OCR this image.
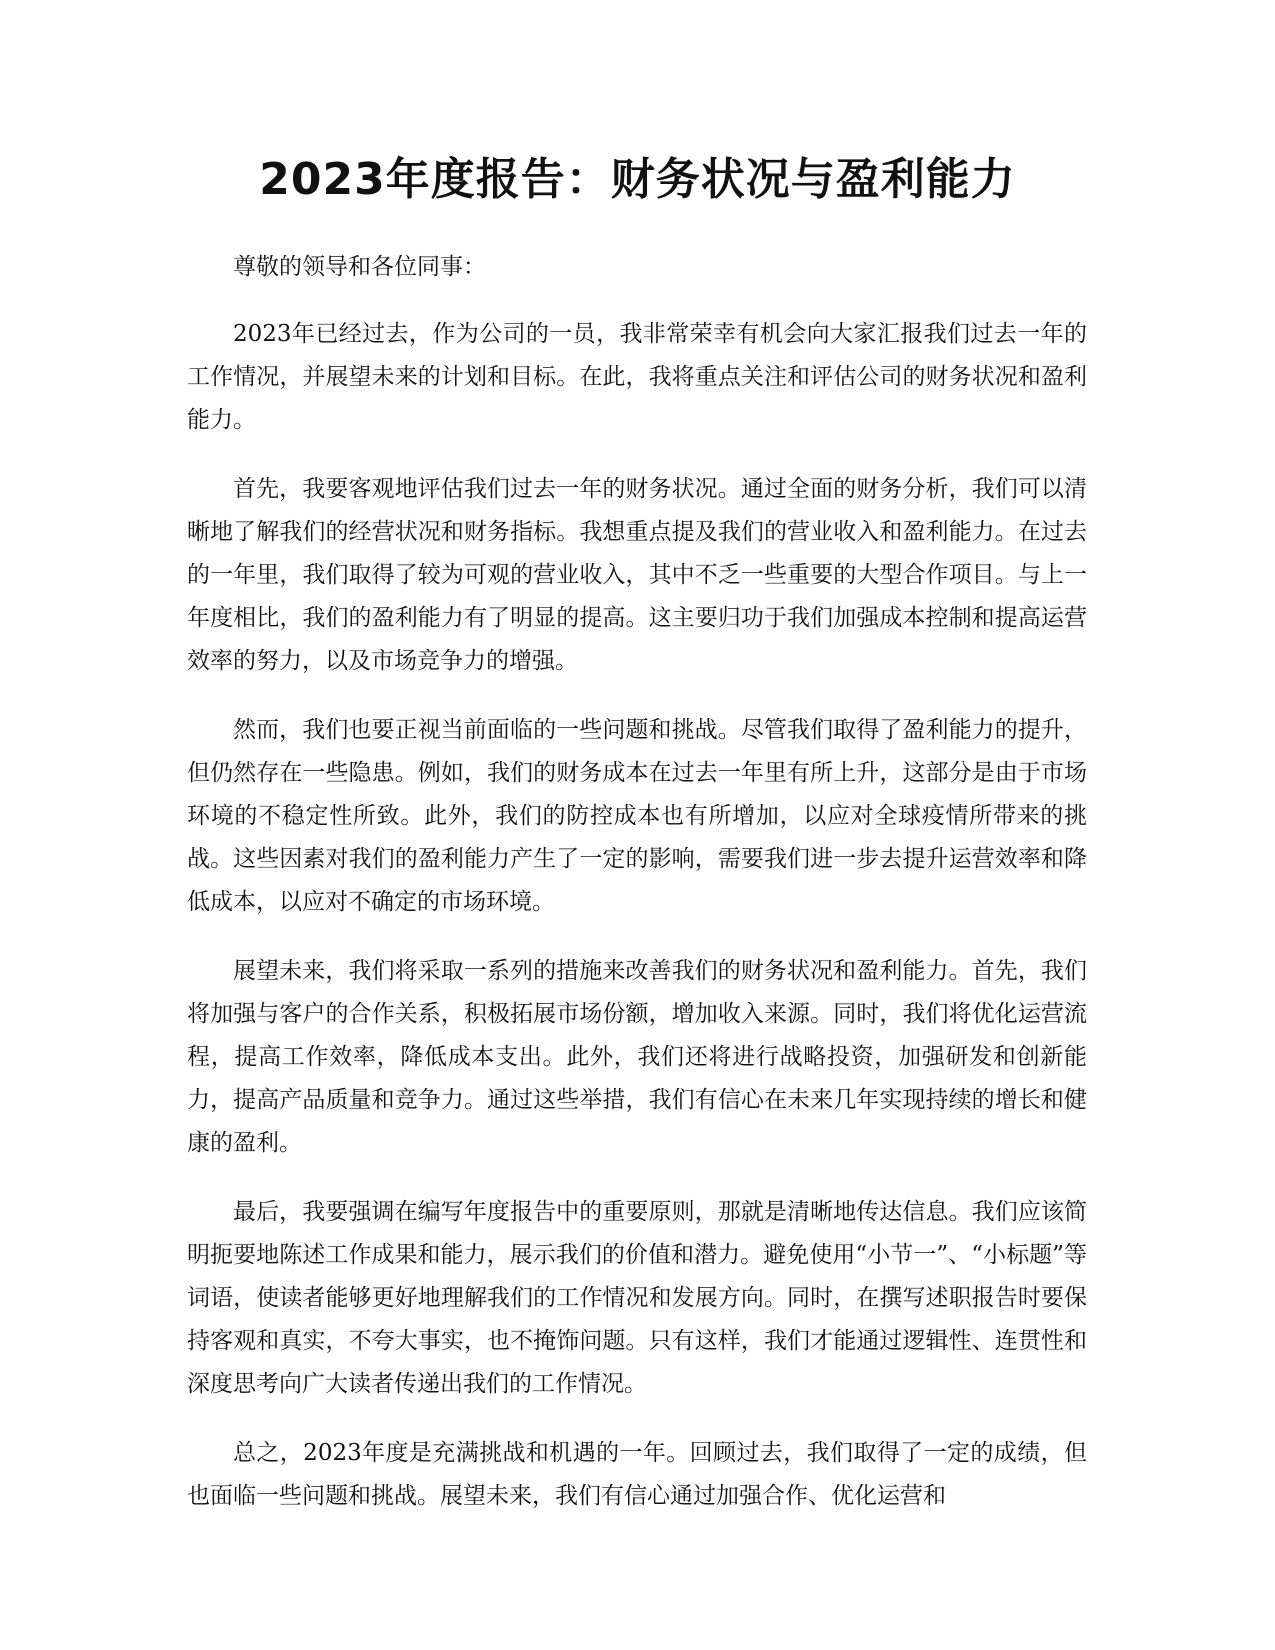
2023年度报告：财务状况与盈利能力

尊敬的领导和各位同事：

2023年已经过去，作为公司的一员，我非常荣幸有机会向大家汇报我们过去一年的工作情况，并展望未来的计划和目标。在此，我将重点关注和评估公司的财务状况和盈利能力。

首先，我要客观地评估我们过去一年的财务状况。通过全面的财务分析，我们可以清晰地了解我们的经营状况和财务指标。我想重点提及我们的营业收入和盈利能力。在过去的一年里，我们取得了较为可观的营业收入，其中不乏一些重要的大型合作项目。与上一年度相比，我们的盈利能力有了明显的提高。这主要归功于我们加强成本控制和提高运营效率的努力，以及市场竞争力的增强。

然而，我们也要正视当前面临的一些问题和挑战。尽管我们取得了盈利能力的提升，但仍然存在一些隐患。例如，我们的财务成本在过去一年里有所上升，这部分是由于市场环境的不稳定性所致。此外，我们的防控成本也有所增加，以应对全球疫情所带来的挑战。这些因素对我们的盈利能力产生了一定的影响，需要我们进一步去提升运营效率和降低成本，以应对不确定的市场环境。

展望未来，我们将采取一系列的措施来改善我们的财务状况和盈利能力。首先，我们将加强与客户的合作关系，积极拓展市场份额，增加收入来源。同时，我们将优化运营流程，提高工作效率，降低成本支出。此外，我们还将进行战略投资，加强研发和创新能力，提高产品质量和竞争力。通过这些举措，我们有信心在未来几年实现持续的增长和健康的盈利。

最后，我要强调在编写年度报告中的重要原则，那就是清晰地传达信息。我们应该简明扼要地陈述工作成果和能力，展示我们的价值和潜力。避免使用“小节一”、“小标题”等词语，使读者能够更好地理解我们的工作情况和发展方向。同时，在撰写述职报告时要保持客观和真实，不夸大事实，也不掩饰问题。只有这样，我们才能通过逻辑性、连贯性和深度思考向广大读者传递出我们的工作情况。

总之，2023年度是充满挑战和机遇的一年。回顾过去，我们取得了一定的成绩，但也面临一些问题和挑战。展望未来，我们有信心通过加强合作、优化运营和
